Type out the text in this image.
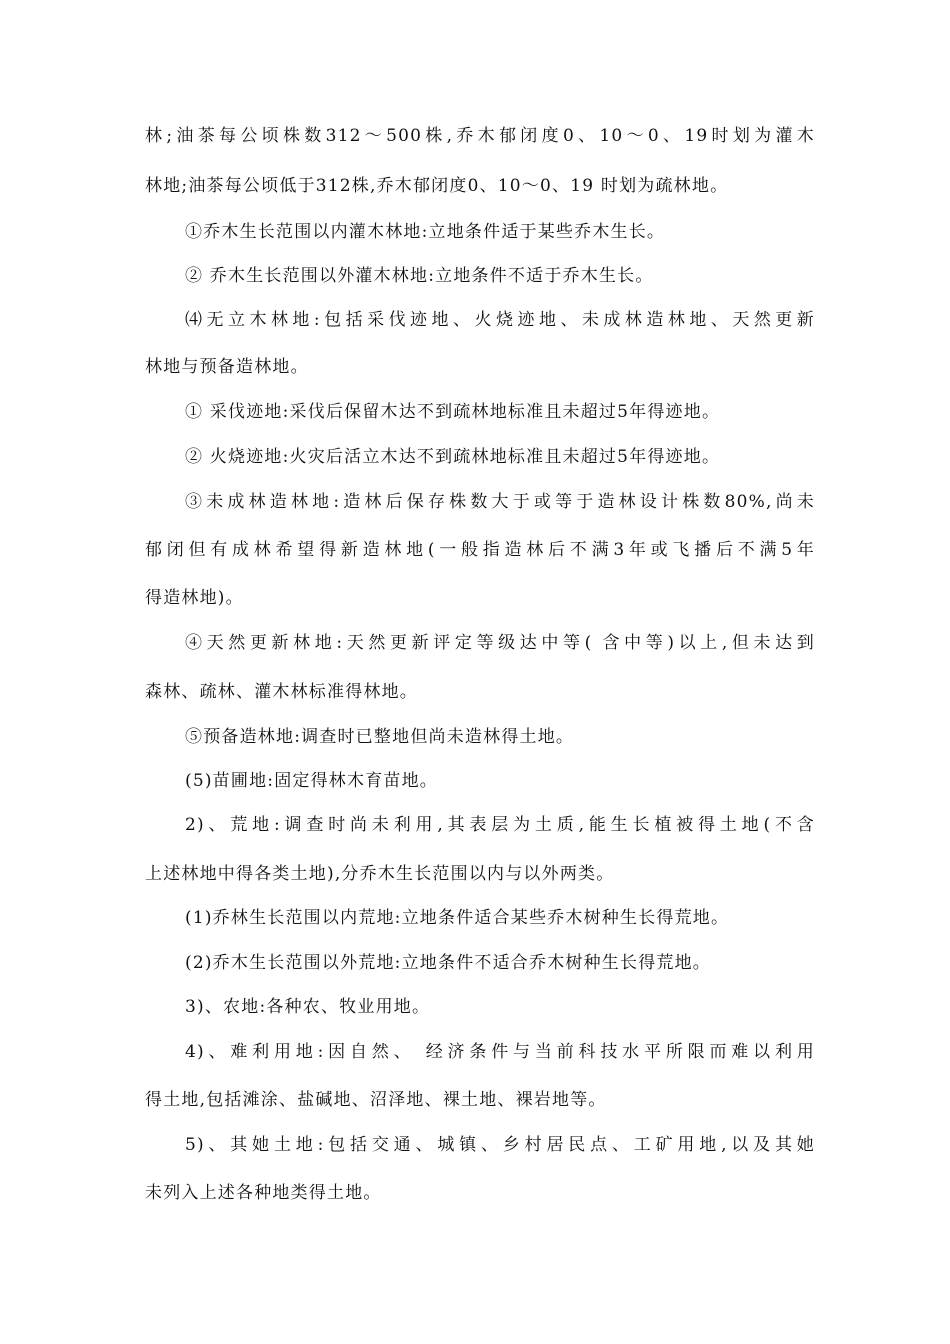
林;油茶每公顷株数312～500株,乔木郁闭度0、10～0、19时划为灌木
林地;油茶每公顷低于312株,乔木郁闭度0、10～0、19 时划为疏林地。
①乔木生长范围以内灌木林地:立地条件适于某些乔木生长。
② 乔木生长范围以外灌木林地:立地条件不适于乔木生长。
⑷无立木林地:包括采伐迹地、火烧迹地、未成林造林地、天然更新
林地与预备造林地。
① 采伐迹地:采伐后保留木达不到疏林地标准且未超过5年得迹地。
② 火烧迹地:火灾后活立木达不到疏林地标准且未超过5年得迹地。
③未成林造林地:造林后保存株数大于或等于造林设计株数80%,尚未
郁闭但有成林希望得新造林地(一般指造林后不满3年或飞播后不满5年
得造林地)。
④天然更新林地:天然更新评定等级达中等( 含中等)以上,但未达到
森林、疏林、灌木林标准得林地。
⑤预备造林地:调查时已整地但尚未造林得土地。
(5)苗圃地:固定得林木育苗地。
2)、荒地:调查时尚未利用,其表层为土质,能生长植被得土地(不含
上述林地中得各类土地),分乔木生长范围以内与以外两类。
(1)乔林生长范围以内荒地:立地条件适合某些乔木树种生长得荒地。
(2)乔木生长范围以外荒地:立地条件不适合乔木树种生长得荒地。
3)、农地:各种农、牧业用地。
4)、难利用地:因自然、 经济条件与当前科技水平所限而难以利用
得土地,包括滩涂、盐碱地、沼泽地、裸土地、裸岩地等。
5)、其她土地:包括交通、城镇、乡村居民点、工矿用地,以及其她
未列入上述各种地类得土地。
